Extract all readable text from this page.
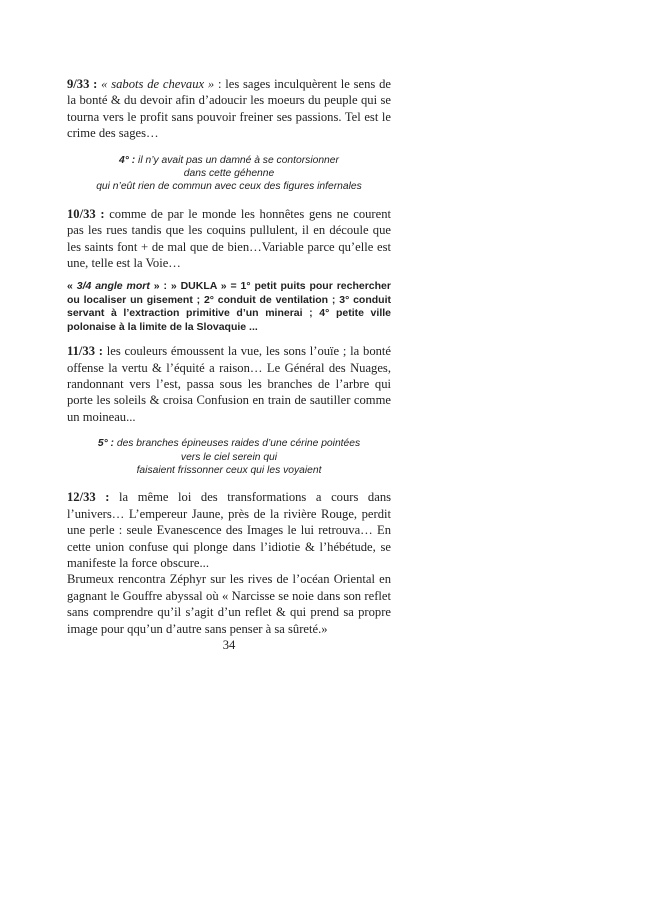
9/33 : « sabots de chevaux » : les sages inculquèrent le sens de la bonté & du devoir afin d’adoucir les moeurs du peuple qui se tourna vers le profit sans pouvoir freiner ses passions. Tel est le crime des sages…

4° : il n’y avait pas un damné à se contorsionner

dans cette géhenne

qui n’eût rien de commun avec ceux des figures infernales

10/33 : comme de par le monde les honnêtes gens ne courent pas les rues tandis que les coquins pullulent, il en découle que les saints font + de mal que de bien…Variable parce qu’elle est une, telle est la Voie…

« 3/4 angle mort » : » DUKLA » = 1° petit puits pour rechercher ou localiser un gisement ; 2° conduit de ventilation ; 3° conduit servant à l’extraction primitive d’un minerai ; 4° petite ville polonaise à la limite de la Slovaquie ...

11/33 : les couleurs émoussent la vue, les sons l’ouïe ; la bonté offense la vertu & l’équité a raison… Le Général des Nuages, randonnant vers l’est, passa sous les branches de l’arbre qui porte les soleils & croisa Confusion en train de sautiller comme un moineau...

5° : des branches épineuses raides d’une cérine pointées

vers le ciel serein qui

faisaient frissonner ceux qui les voyaient

12/33 : la même loi des transformations a cours dans l’univers… L’empereur Jaune, près de la rivière Rouge, perdit une perle : seule Evanescence des Images le lui retrouva… En cette union confuse qui plonge dans l’idiotie & l’hébétude, se manifeste la force obscure...

Brumeux rencontra Zéphyr sur les rives de l’océan Oriental en gagnant le Gouffre abyssal où « Narcisse se noie dans son reflet sans comprendre qu’il s’agit d’un reflet & qui prend sa propre image pour qqu’un d’autre sans penser à sa sûreté.»

34
